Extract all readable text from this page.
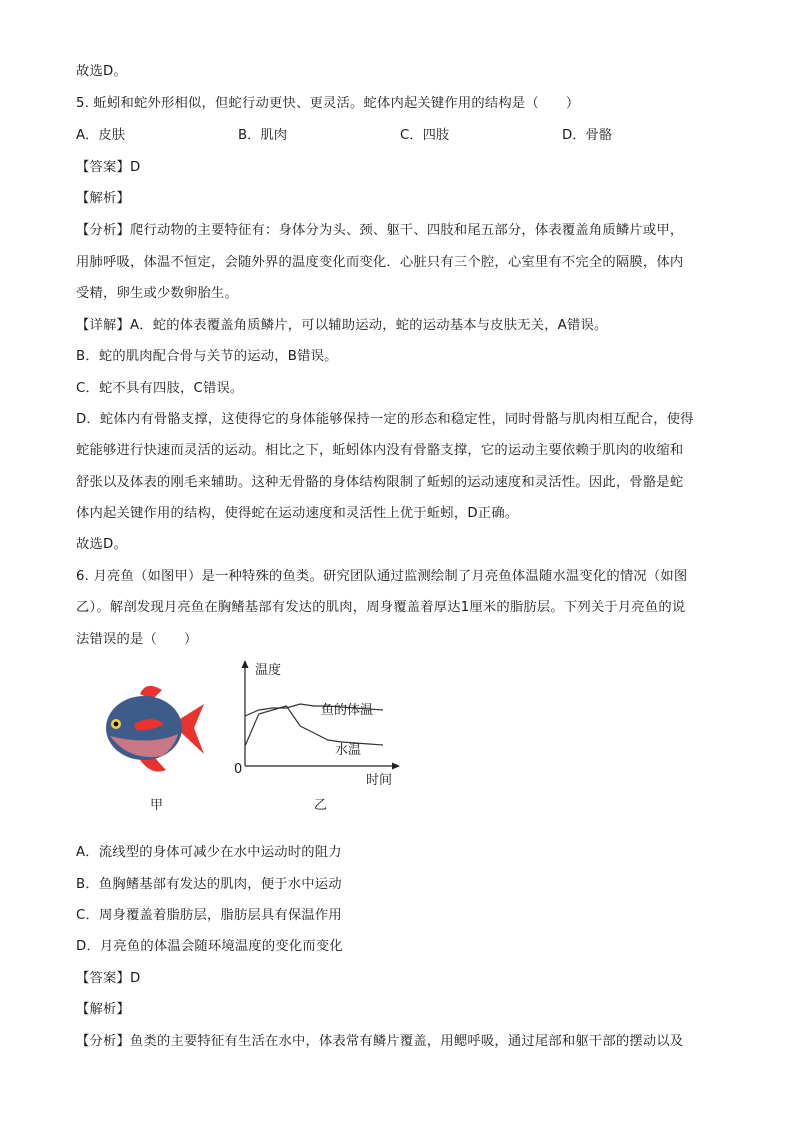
故选D。
5. 蚯蚓和蛇外形相似，但蛇行动更快、更灵活。蛇体内起关键作用的结构是（　　）
A．皮肤	B．肌肉	C．四肢	D．骨骼
【答案】D
【解析】
【分析】爬行动物的主要特征有：身体分为头、颈、躯干、四肢和尾五部分，体表覆盖角质鳞片或甲，
用肺呼吸，体温不恒定，会随外界的温度变化而变化．心脏只有三个腔，心室里有不完全的隔膜，体内
受精，卵生或少数卵胎生。
【详解】A．蛇的体表覆盖角质鳞片，可以辅助运动，蛇的运动基本与皮肤无关，A错误。
B．蛇的肌肉配合骨与关节的运动，B错误。
C．蛇不具有四肢，C错误。
D．蛇体内有骨骼支撑，这使得它的身体能够保持一定的形态和稳定性，同时骨骼与肌肉相互配合，使得
蛇能够进行快速而灵活的运动。相比之下，蚯蚓体内没有骨骼支撑，它的运动主要依赖于肌肉的收缩和
舒张以及体表的刚毛来辅助。这种无骨骼的身体结构限制了蚯蚓的运动速度和灵活性。因此，骨骼是蛇
体内起关键作用的结构，使得蛇在运动速度和灵活性上优于蚯蚓，D正确。
故选D。
6. 月亮鱼（如图甲）是一种特殊的鱼类。研究团队通过监测绘制了月亮鱼体温随水温变化的情况（如图
乙）。解剖发现月亮鱼在胸鳍基部有发达的肌肉，周身覆盖着厚达1厘米的脂肪层。下列关于月亮鱼的说
法错误的是（　　）
甲
温度
时间
0
鱼的体温
水温
乙
A．流线型的身体可减少在水中运动时的阻力
B．鱼胸鳍基部有发达的肌肉，便于水中运动
C．周身覆盖着脂肪层，脂肪层具有保温作用
D．月亮鱼的体温会随环境温度的变化而变化
【答案】D
【解析】
【分析】鱼类的主要特征有生活在水中，体表常有鳞片覆盖，用鳃呼吸，通过尾部和躯干部的摆动以及
